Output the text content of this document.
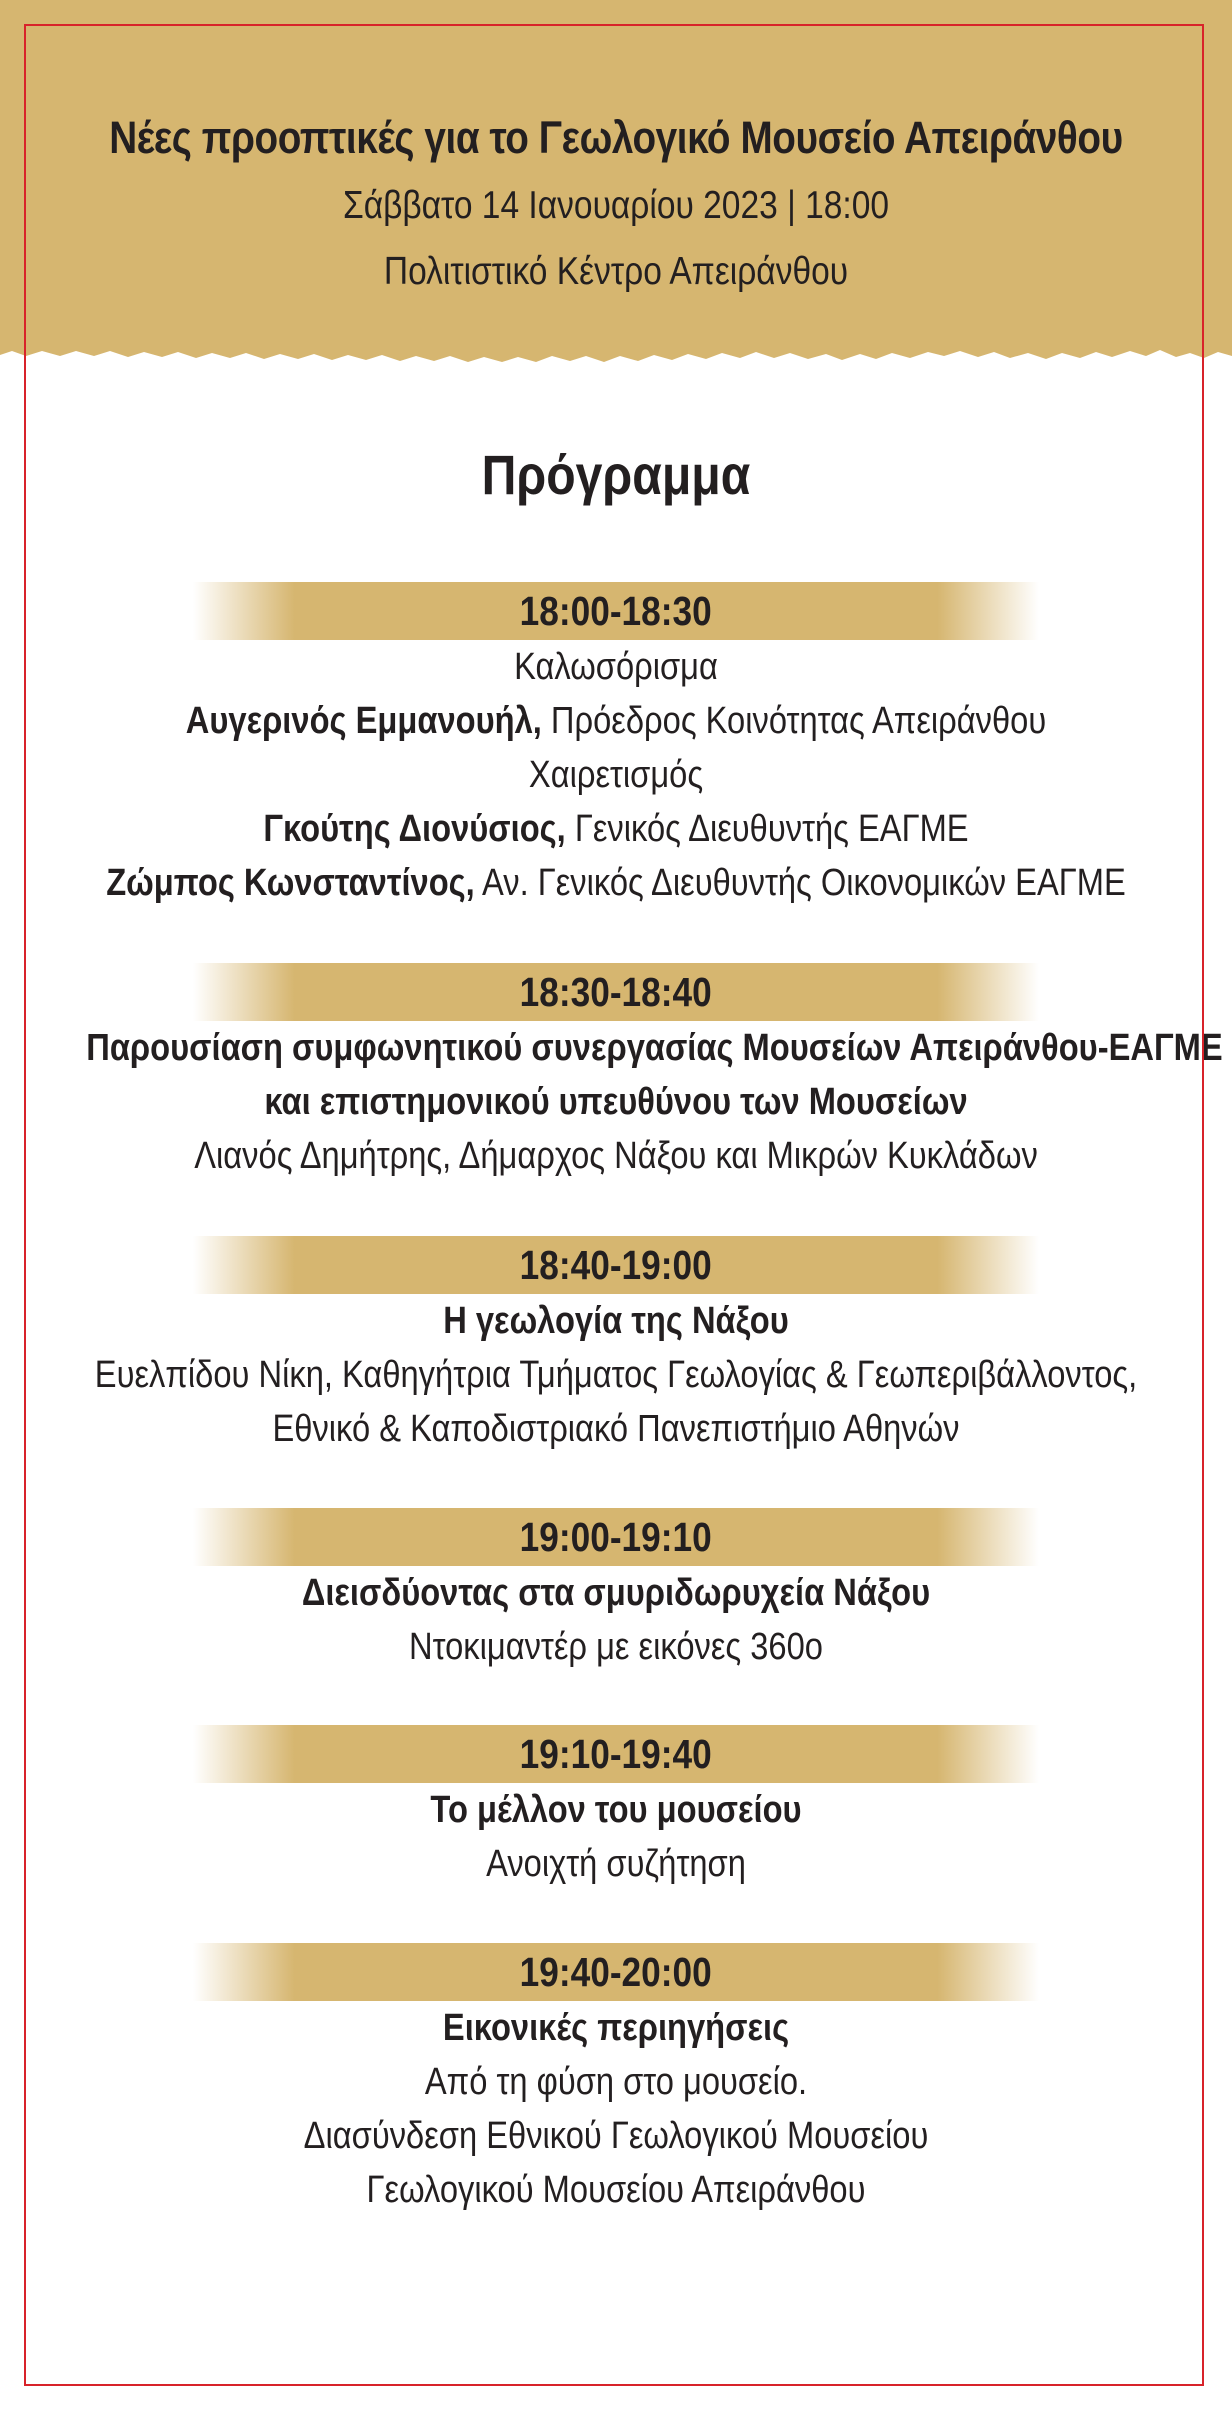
Νέες προοπτικές για το Γεωλογικό Μουσείο Απειράνθου
Σάββατο 14 Ιανουαρίου 2023 | 18:00
Πολιτιστικό Κέντρο Απειράνθου
Πρόγραμμα
18:00-18:30
Καλωσόρισμα
Αυγερινός Εμμανουήλ, Πρόεδρος Κοινότητας Απειράνθου
Χαιρετισμός
Γκούτης Διονύσιος, Γενικός Διευθυντής ΕΑΓΜΕ
Ζώμπος Κωνσταντίνος, Αν. Γενικός Διευθυντής Οικονομικών ΕΑΓΜΕ
18:30-18:40
Παρουσίαση συμφωνητικού συνεργασίας Μουσείων Απειράνθου-ΕΑΓΜΕ
και επιστημονικού υπευθύνου των Μουσείων
Λιανός Δημήτρης, Δήμαρχος Νάξου και Μικρών Κυκλάδων
18:40-19:00
Η γεωλογία της Νάξου
Ευελπίδου Νίκη, Καθηγήτρια Τμήματος Γεωλογίας & Γεωπεριβάλλοντος,
Εθνικό & Καποδιστριακό Πανεπιστήμιο Αθηνών
19:00-19:10
Διεισδύοντας στα σμυριδωρυχεία Νάξου
Ντοκιμαντέρ με εικόνες 360ο
19:10-19:40
Το μέλλον του μουσείου
Ανοιχτή συζήτηση
19:40-20:00
Εικονικές περιηγήσεις
Από τη φύση στο μουσείο.
Διασύνδεση Εθνικού Γεωλογικού Μουσείου
Γεωλογικού Μουσείου Απειράνθου
